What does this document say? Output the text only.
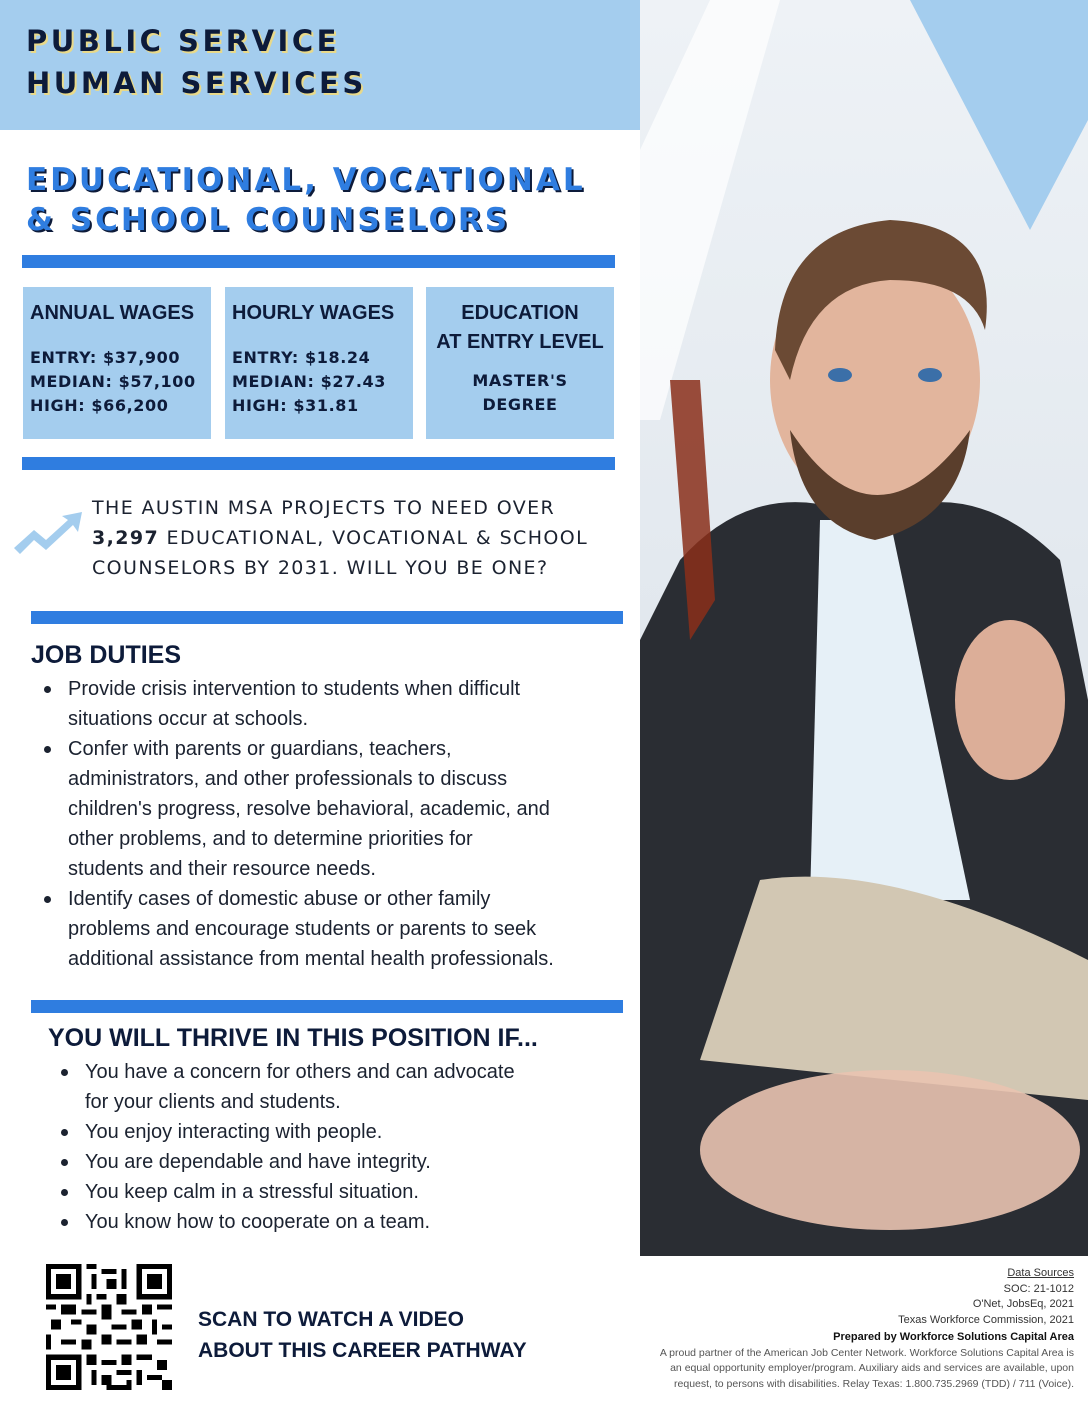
PUBLIC SERVICE
HUMAN SERVICES
EDUCATIONAL, VOCATIONAL
& SCHOOL COUNSELORS
ANNUAL WAGES
ENTRY: $37,900
MEDIAN: $57,100
HIGH: $66,200
HOURLY WAGES
ENTRY: $18.24
MEDIAN: $27.43
HIGH: $31.81
EDUCATION
AT ENTRY LEVEL
MASTER'S
DEGREE
THE AUSTIN MSA PROJECTS TO NEED OVER
3,297 EDUCATIONAL, VOCATIONAL & SCHOOL
COUNSELORS BY 2031. WILL YOU BE ONE?
JOB DUTIES
Provide crisis intervention to students when difficult
situations occur at schools.
Confer with parents or guardians, teachers,
administrators, and other professionals to discuss
children's progress, resolve behavioral, academic, and
other problems, and to determine priorities for
students and their resource needs.
Identify cases of domestic abuse or other family
problems and encourage students or parents to seek
additional assistance from mental health professionals.
YOU WILL THRIVE IN THIS POSITION IF...
You have a concern for others and can advocate
for your clients and students.
You enjoy interacting with people.
You are dependable and have integrity.
You keep calm in a stressful situation.
You know how to cooperate on a team.
SCAN TO WATCH A VIDEO
ABOUT THIS CAREER PATHWAY
Data Sources
SOC: 21-1012
O'Net, JobsEq, 2021
Texas Workforce Commission, 2021
Prepared by Workforce Solutions Capital Area
A proud partner of the American Job Center Network. Workforce Solutions Capital Area is
an equal opportunity employer/program. Auxiliary aids and services are available, upon
request, to persons with disabilities. Relay Texas: 1.800.735.2969 (TDD) / 711 (Voice).
